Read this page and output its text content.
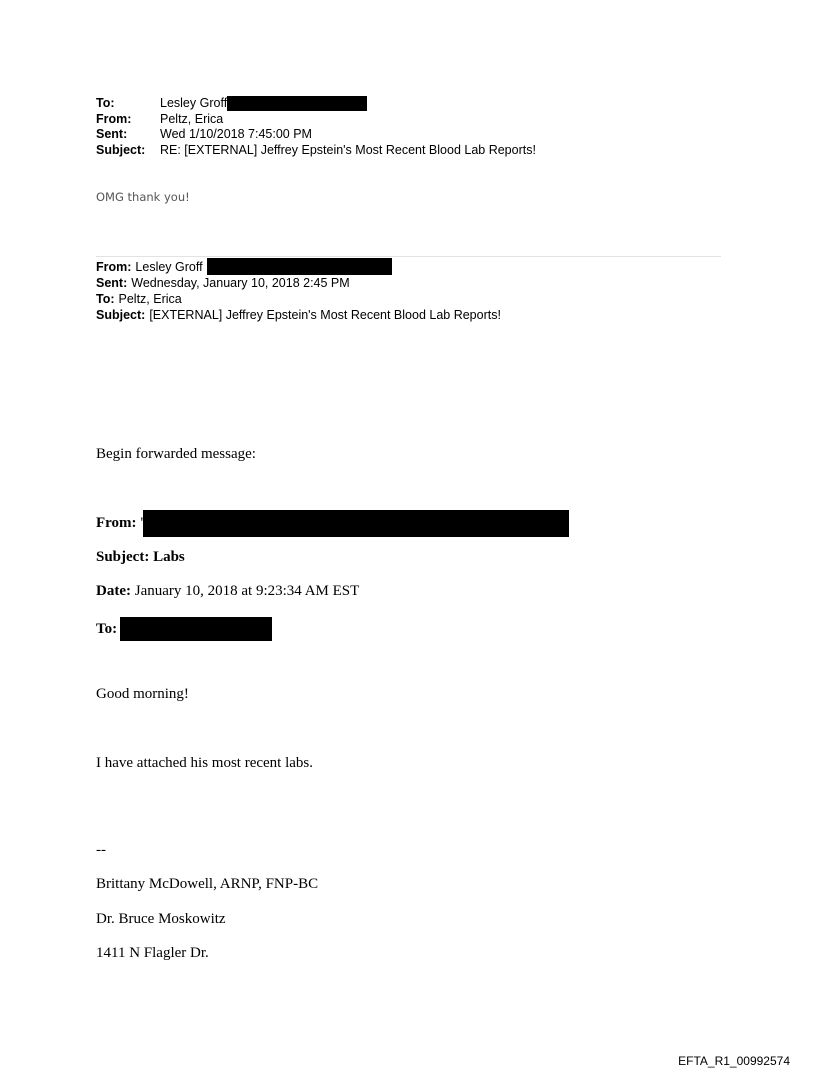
To:	Lesley Groff
From:	Peltz, Erica
Sent:	Wed 1/10/2018 7:45:00 PM
Subject:	RE: [EXTERNAL] Jeffrey Epstein's Most Recent Blood Lab Reports!
OMG thank you!
From: Lesley Groff
Sent: Wednesday, January 10, 2018 2:45 PM
To: Peltz, Erica
Subject: [EXTERNAL] Jeffrey Epstein's Most Recent Blood Lab Reports!
Begin forwarded message:
From: '
Subject: Labs
Date: January 10, 2018 at 9:23:34 AM EST
To:
Good morning!
I have attached his most recent labs.
--
Brittany McDowell, ARNP, FNP-BC
Dr. Bruce Moskowitz
1411 N Flagler Dr.
EFTA_R1_00992574
